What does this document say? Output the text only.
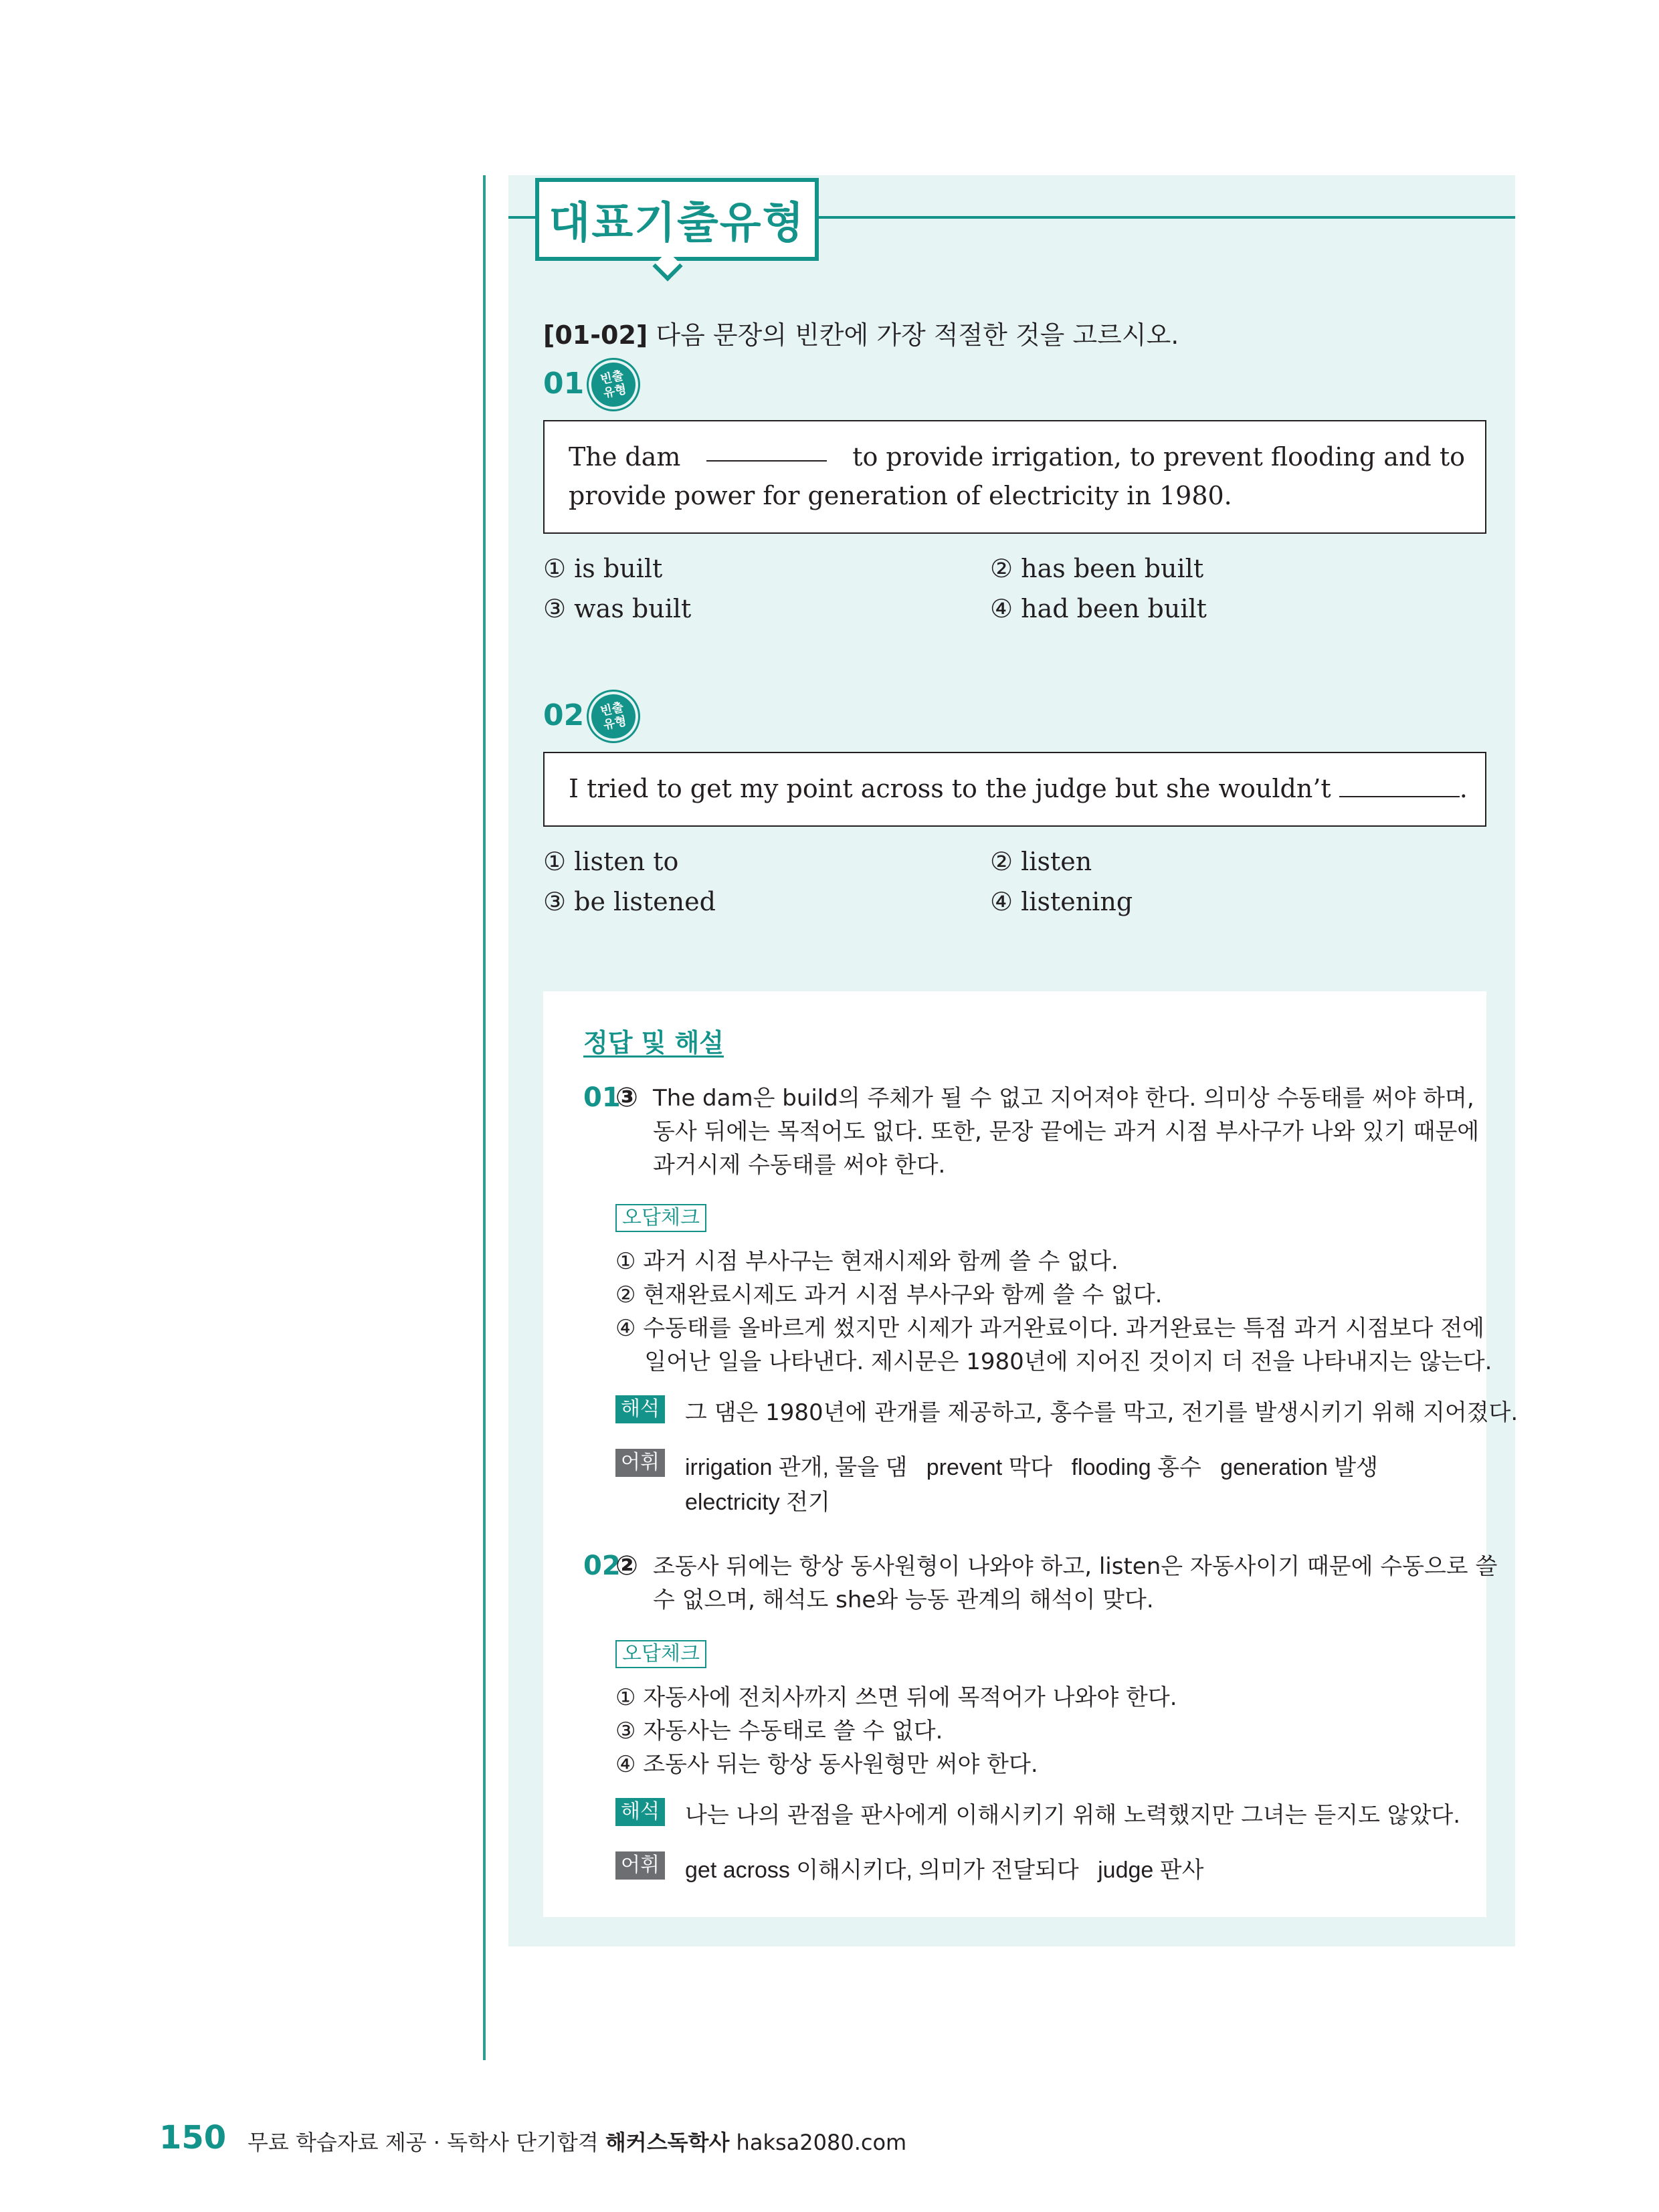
대표기출유형
[01-02] 다음 문장의 빈칸에 가장 적절한 것을 고르시오.
01 빈출
유형
The dam	to provide irrigation, to prevent flooding and to
provide power for generation of electricity in 1980.
① is built	② has been built
③ was built	④ had been built
02 빈출
유형
I tried to get my point across to the judge but she wouldn’t	.
① listen to	② listen
③ be listened	④ listening
정답 및 해설
01
③ The dam은 build의 주체가 될 수 없고 지어져야 한다. 의미상 수동태를 써야 하며,
동사 뒤에는 목적어도 없다. 또한, 문장 끝에는 과거 시점 부사구가 나와 있기 때문에
과거시제 수동태를 써야 한다.
오답체크
① 과거 시점 부사구는 현재시제와 함께 쓸 수 없다.
② 현재완료시제도 과거 시점 부사구와 함께 쓸 수 없다.
④ 수동태를 올바르게 썼지만 시제가 과거완료이다. 과거완료는 특점 과거 시점보다 전에
일어난 일을 나타낸다. 제시문은 1980년에 지어진 것이지 더 전을 나타내지는 않는다.
해석 그 댐은 1980년에 관개를 제공하고, 홍수를 막고, 전기를 발생시키기 위해 지어졌다.
어휘 irrigation 관개, 물을 댐   prevent 막다   flooding 홍수   generation 발생
electricity 전기
02
② 조동사 뒤에는 항상 동사원형이 나와야 하고, listen은 자동사이기 때문에 수동으로 쓸
수 없으며, 해석도 she와 능동 관계의 해석이 맞다.
오답체크
① 자동사에 전치사까지 쓰면 뒤에 목적어가 나와야 한다.
③ 자동사는 수동태로 쓸 수 없다.
④ 조동사 뒤는 항상 동사원형만 써야 한다.
해석 나는 나의 관점을 판사에게 이해시키기 위해 노력했지만 그녀는 듣지도 않았다.
어휘 get across 이해시키다, 의미가 전달되다   judge 판사
150 무료 학습자료 제공 · 독학사 단기합격 해커스독학사 haksa2080.com
